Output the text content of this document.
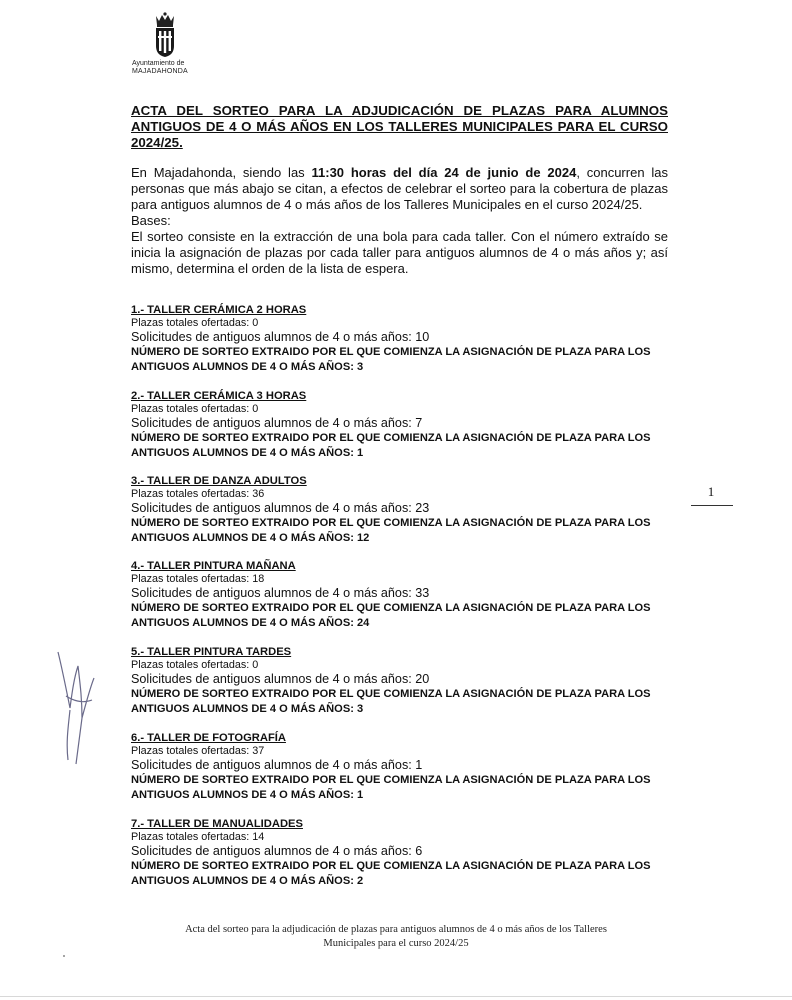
Ayuntamiento de
MAJADAHONDA
ACTA DEL SORTEO PARA LA ADJUDICACIÓN DE PLAZAS PARA ALUMNOS ANTIGUOS DE 4 O MÁS AÑOS EN LOS TALLERES MUNICIPALES PARA EL CURSO 2024/25.

En Majadahonda, siendo las 11:30 horas del día 24 de junio de 2024, concurren las personas que más abajo se citan, a efectos de celebrar el sorteo para la cobertura de plazas para antiguos alumnos de 4 o más años de los Talleres Municipales en el curso 2024/25.

Bases:

El sorteo consiste en la extracción de una bola para cada taller. Con el número extraído se inicia la asignación de plazas por cada taller para antiguos alumnos de 4 o más años y; así mismo, determina el orden de la lista de espera.

1.- TALLER CERÁMICA 2 HORAS
Plazas totales ofertadas: 0
Solicitudes de antiguos alumnos de 4 o más años: 10
NÚMERO DE SORTEO EXTRAIDO POR EL QUE COMIENZA LA ASIGNACIÓN DE PLAZA PARA LOS ANTIGUOS ALUMNOS DE 4 O MÁS AÑOS: 3
2.- TALLER CERÁMICA 3 HORAS
Plazas totales ofertadas: 0
Solicitudes de antiguos alumnos de 4 o más años: 7
NÚMERO DE SORTEO EXTRAIDO POR EL QUE COMIENZA LA ASIGNACIÓN DE PLAZA PARA LOS ANTIGUOS ALUMNOS DE 4 O MÁS AÑOS: 1
3.- TALLER DE DANZA ADULTOS
Plazas totales ofertadas: 36
Solicitudes de antiguos alumnos de 4 o más años: 23
NÚMERO DE SORTEO EXTRAIDO POR EL QUE COMIENZA LA ASIGNACIÓN DE PLAZA PARA LOS ANTIGUOS ALUMNOS DE 4 O MÁS AÑOS: 12
4.- TALLER PINTURA MAÑANA
Plazas totales ofertadas: 18
Solicitudes de antiguos alumnos de 4 o más años: 33
NÚMERO DE SORTEO EXTRAIDO POR EL QUE COMIENZA LA ASIGNACIÓN DE PLAZA PARA LOS ANTIGUOS ALUMNOS DE 4 O MÁS AÑOS: 24
5.- TALLER PINTURA TARDES
Plazas totales ofertadas: 0
Solicitudes de antiguos alumnos de 4 o más años: 20
NÚMERO DE SORTEO EXTRAIDO POR EL QUE COMIENZA LA ASIGNACIÓN DE PLAZA PARA LOS ANTIGUOS ALUMNOS DE 4 O MÁS AÑOS: 3
6.- TALLER DE FOTOGRAFÍA
Plazas totales ofertadas: 37
Solicitudes de antiguos alumnos de 4 o más años: 1
NÚMERO DE SORTEO EXTRAIDO POR EL QUE COMIENZA LA ASIGNACIÓN DE PLAZA PARA LOS ANTIGUOS ALUMNOS DE 4 O MÁS AÑOS: 1
7.- TALLER DE MANUALIDADES
Plazas totales ofertadas: 14
Solicitudes de antiguos alumnos de 4 o más años: 6
NÚMERO DE SORTEO EXTRAIDO POR EL QUE COMIENZA LA ASIGNACIÓN DE PLAZA PARA LOS ANTIGUOS ALUMNOS DE 4 O MÁS AÑOS: 2
1
Acta del sorteo para la adjudicación de plazas para antiguos alumnos de 4 o más años de los Talleres
Municipales para el curso 2024/25
